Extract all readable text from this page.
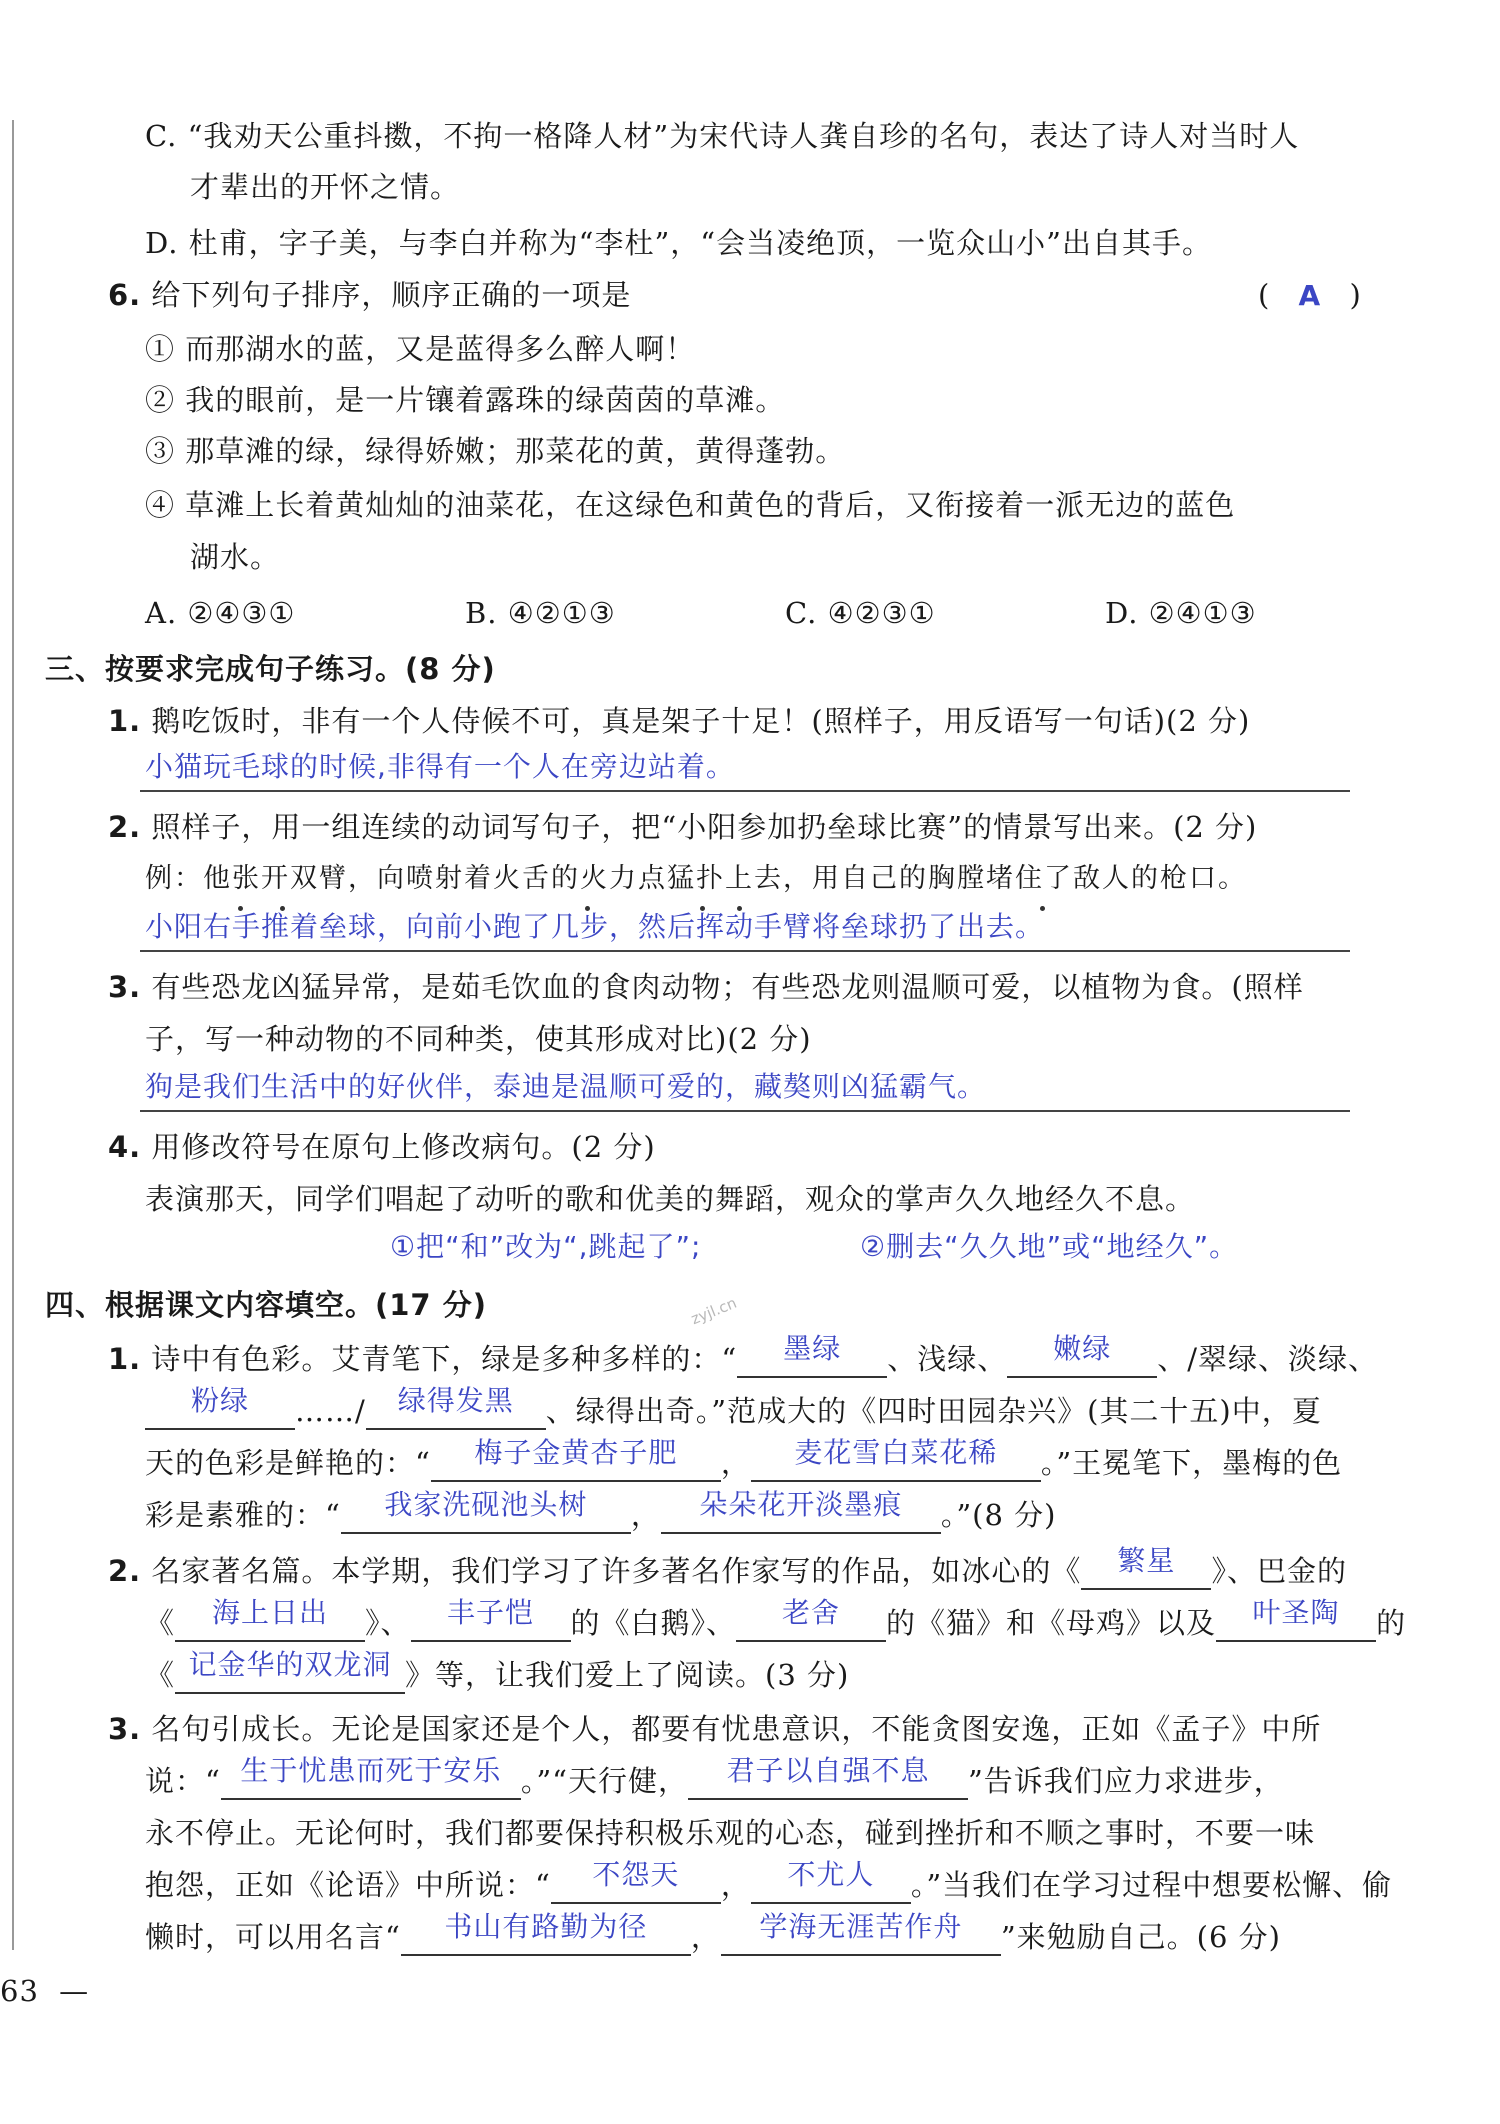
C. “我劝天公重抖擞，不拘一格降人材”为宋代诗人龚自珍的名句，表达了诗人对当时人
才辈出的开怀之情。
D. 杜甫，字子美，与李白并称为“李杜”，“会当凌绝顶，一览众山小”出自其手。
6. 给下列句子排序，顺序正确的一项是	( A )
① 而那湖水的蓝，又是蓝得多么醉人啊！
② 我的眼前，是一片镶着露珠的绿茵茵的草滩。
③ 那草滩的绿，绿得娇嫩；那菜花的黄，黄得蓬勃。
④ 草滩上长着黄灿灿的油菜花，在这绿色和黄色的背后，又衔接着一派无边的蓝色
湖水。
A. ②④③①	B. ④②①③	C. ④②③①	D. ②④①③
三、按要求完成句子练习。(8 分)
1. 鹅吃饭时，非有一个人侍候不可，真是架子十足！(照样子，用反语写一句话)(2 分)
小猫玩毛球的时候,非得有一个人在旁边站着。
2. 照样子，用一组连续的动词写句子，把“小阳参加扔垒球比赛”的情景写出来。(2 分)
例：他张开双臂，向喷射着火舌的火力点猛扑上去，用自己的胸膛堵住了敌人的枪口。
小阳右手推着垒球，向前小跑了几步，然后挥动手臂将垒球扔了出去。
3. 有些恐龙凶猛异常，是茹毛饮血的食肉动物；有些恐龙则温顺可爱，以植物为食。(照样
子，写一种动物的不同种类，使其形成对比)(2 分)
狗是我们生活中的好伙伴，泰迪是温顺可爱的，藏獒则凶猛霸气。
4. 用修改符号在原句上修改病句。(2 分)
表演那天，同学们唱起了动听的歌和优美的舞蹈，观众的掌声久久地经久不息。
①把“和”改为“,跳起了”;	②删去“久久地”或“地经久”。
四、根据课文内容填空。(17 分)	zyjl.cn
1. 诗中有色彩。艾青笔下，绿是多种多样的：“	墨绿	、浅绿、	嫩绿	、/翠绿、淡绿、
粉绿	……/	绿得发黑	、绿得出奇。”范成大的《四时田园杂兴》(其二十五)中，夏
天的色彩是鲜艳的：“	梅子金黄杏子肥	，	麦花雪白菜花稀	。”王冕笔下，墨梅的色
彩是素雅的：“	我家洗砚池头树	，	朵朵花开淡墨痕	。”(8 分)
2. 名家著名篇。本学期，我们学习了许多著名作家写的作品，如冰心的《	繁星	》、巴金的
《	海上日出	》、	丰子恺	的《白鹅》、	老舍	的《猫》和《母鸡》以及	叶圣陶	的
《 记金华的双龙洞 》等，让我们爱上了阅读。(3 分)
3. 名句引成长。无论是国家还是个人，都要有忧患意识，不能贪图安逸，正如《孟子》中所
说：“ 生于忧患而死于安乐 。”“天行健，	君子以自强不息	”告诉我们应力求进步，
永不停止。无论何时，我们都要保持积极乐观的心态，碰到挫折和不顺之事时，不要一味
抱怨，正如《论语》中所说：“	不怨天	，	不尤人	。”当我们在学习过程中想要松懈、偷
懒时，可以用名言“	书山有路勤为径	，	学海无涯苦作舟	”来勉励自己。(6 分)
63 —
